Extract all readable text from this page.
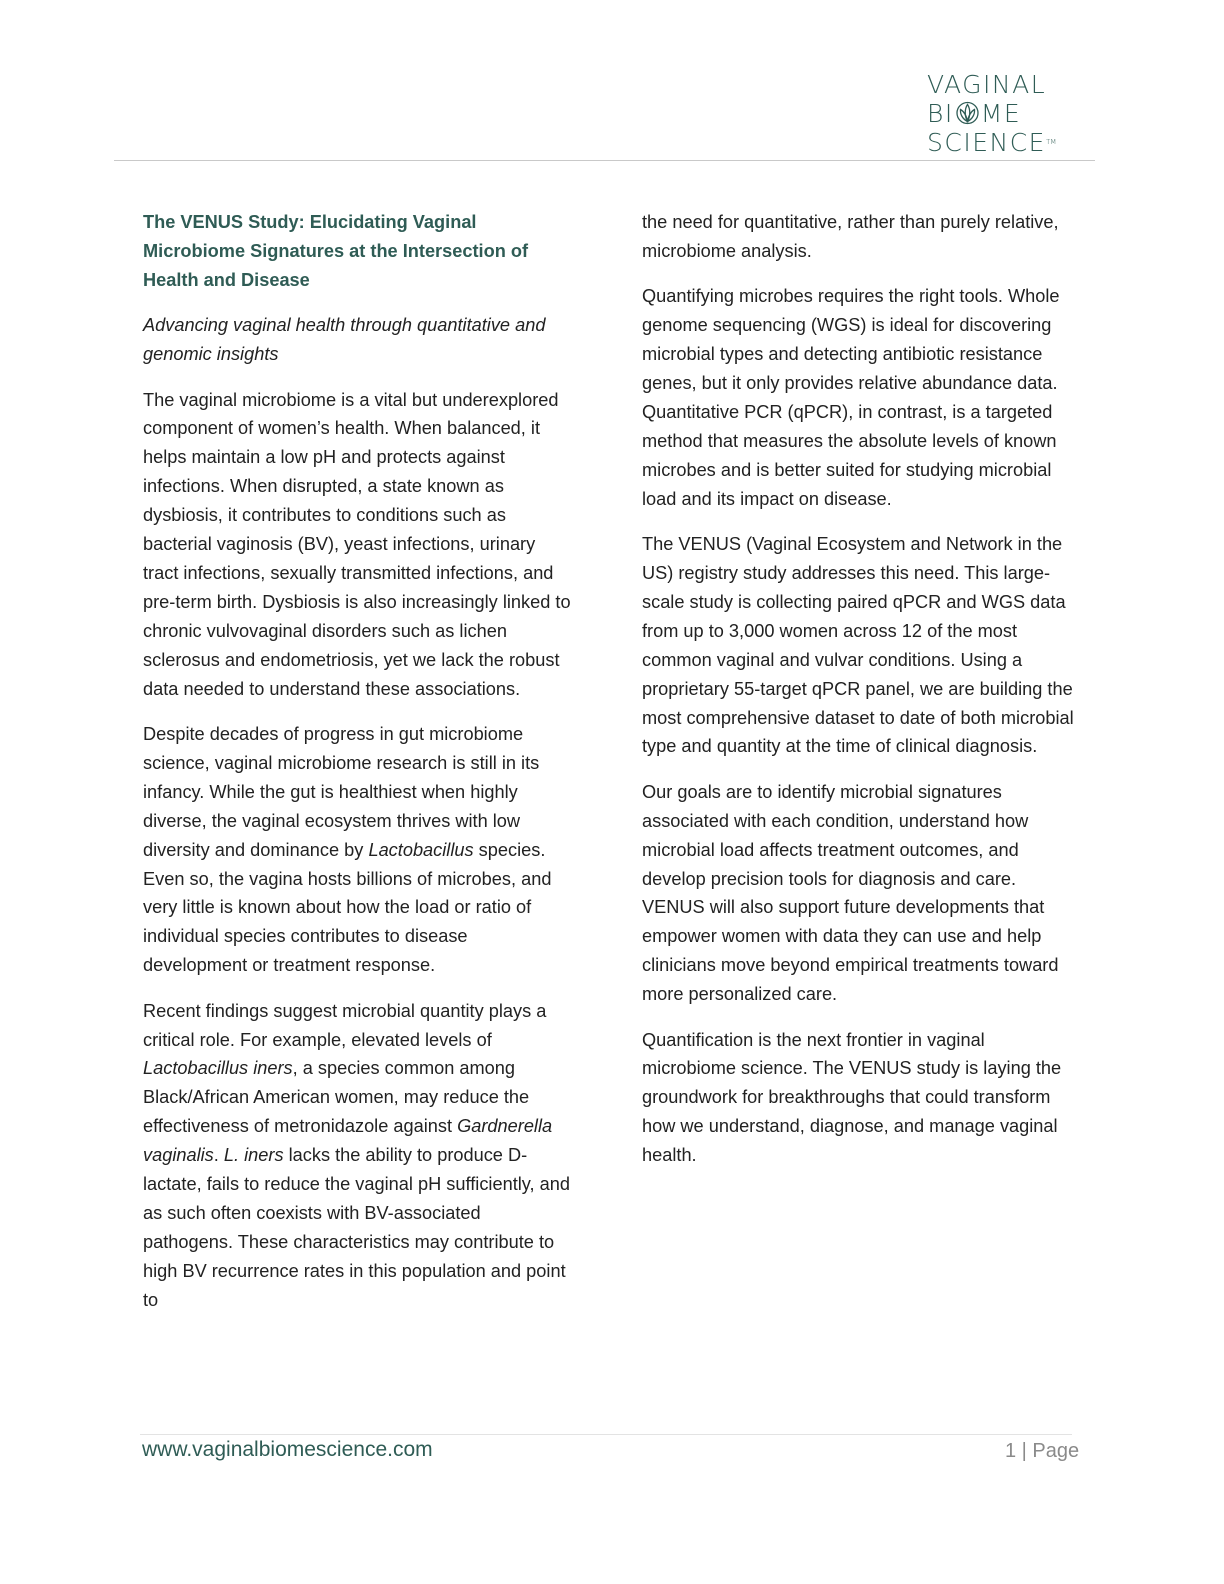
VAGINAL
BI ME
SCIENCETM
The VENUS Study: Elucidating Vaginal Microbiome Signatures at the Intersection of Health and Disease

Advancing vaginal health through quantitative and genomic insights

The vaginal microbiome is a vital but underexplored component of women’s health. When balanced, it helps maintain a low pH and protects against infections. When disrupted, a state known as dysbiosis, it contributes to conditions such as bacterial vaginosis (BV), yeast infections, urinary tract infections, sexually transmitted infections, and pre-term birth. Dysbiosis is also increasingly linked to chronic vulvovaginal disorders such as lichen sclerosus and endometriosis, yet we lack the robust data needed to understand these associations.

Despite decades of progress in gut microbiome science, vaginal microbiome research is still in its infancy. While the gut is healthiest when highly diverse, the vaginal ecosystem thrives with low diversity and dominance by Lactobacillus species. Even so, the vagina hosts billions of microbes, and very little is known about how the load or ratio of individual species contributes to disease development or treatment response.

Recent findings suggest microbial quantity plays a critical role. For example, elevated levels of Lactobacillus iners, a species common among Black/African American women, may reduce the effectiveness of metronidazole against Gardnerella vaginalis. L. iners lacks the ability to produce D-lactate, fails to reduce the vaginal pH sufficiently, and as such often coexists with BV-associated pathogens. These characteristics may contribute to high BV recurrence rates in this population and point to

the need for quantitative, rather than purely relative, microbiome analysis.

Quantifying microbes requires the right tools. Whole genome sequencing (WGS) is ideal for discovering microbial types and detecting antibiotic resistance genes, but it only provides relative abundance data. Quantitative PCR (qPCR), in contrast, is a targeted method that measures the absolute levels of known microbes and is better suited for studying microbial load and its impact on disease.

The VENUS (Vaginal Ecosystem and Network in the US) registry study addresses this need. This large-scale study is collecting paired qPCR and WGS data from up to 3,000 women across 12 of the most common vaginal and vulvar conditions. Using a proprietary 55-target qPCR panel, we are building the most comprehensive dataset to date of both microbial type and quantity at the time of clinical diagnosis.

Our goals are to identify microbial signatures associated with each condition, understand how microbial load affects treatment outcomes, and develop precision tools for diagnosis and care. VENUS will also support future developments that empower women with data they can use and help clinicians move beyond empirical treatments toward more personalized care.

Quantification is the next frontier in vaginal microbiome science. The VENUS study is laying the groundwork for breakthroughs that could transform how we understand, diagnose, and manage vaginal health.

www.vaginalbiomescience.com	1 | Page
